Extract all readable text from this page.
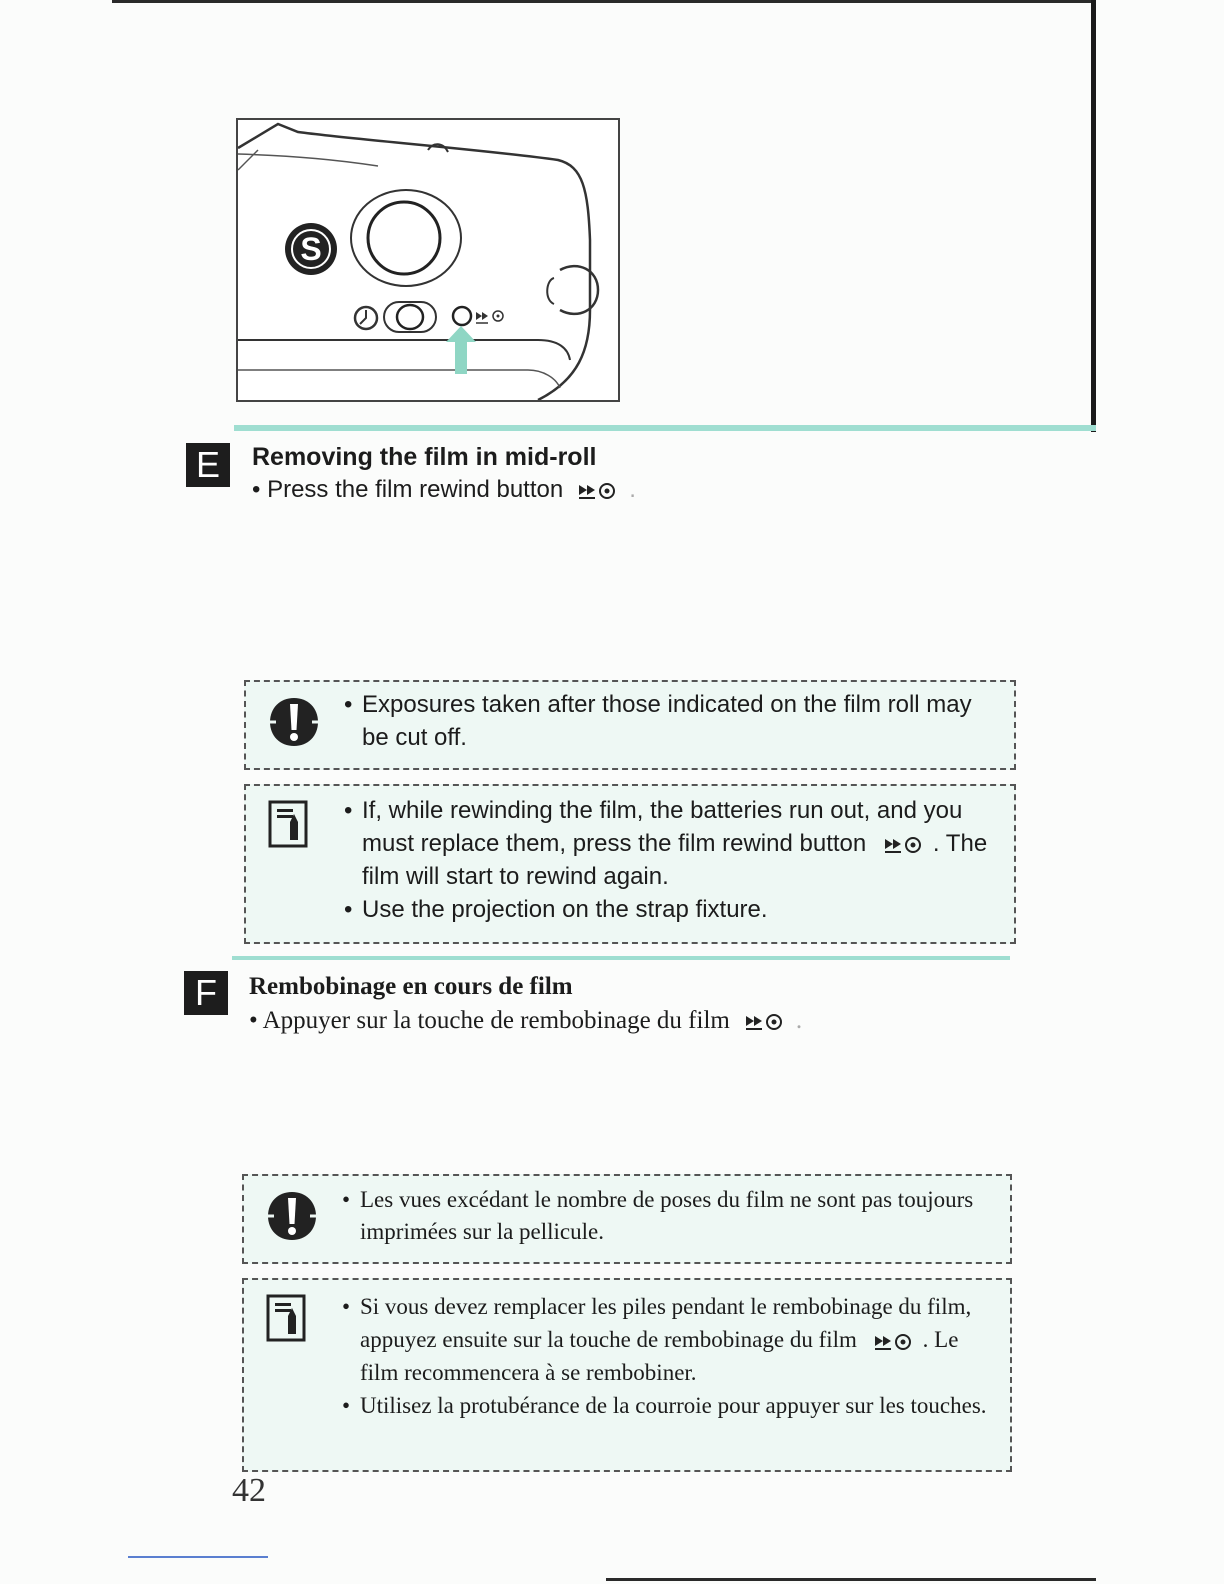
S
E	Removing the film in mid-roll
• Press the film rewind button	.
• Exposures taken after those indicated on the film roll may be cut off.

• If, while rewinding the film, the batteries run out, and you must replace them, press the film rewind button	. The film will start to rewind again.

• Use the projection on the strap fixture.

F	Rembobinage en cours de film
• Appuyer sur la touche de rembobinage du film	.
• Les vues excédant le nombre de poses du film ne sont pas toujours imprimées sur la pellicule.

• Si vous devez remplacer les piles pendant le rembobinage du film, appuyez ensuite sur la touche de rembobinage du film	. Le film recommencera à se rembobiner.

• Utilisez la protubérance de la courroie pour appuyer sur les touches.

42
